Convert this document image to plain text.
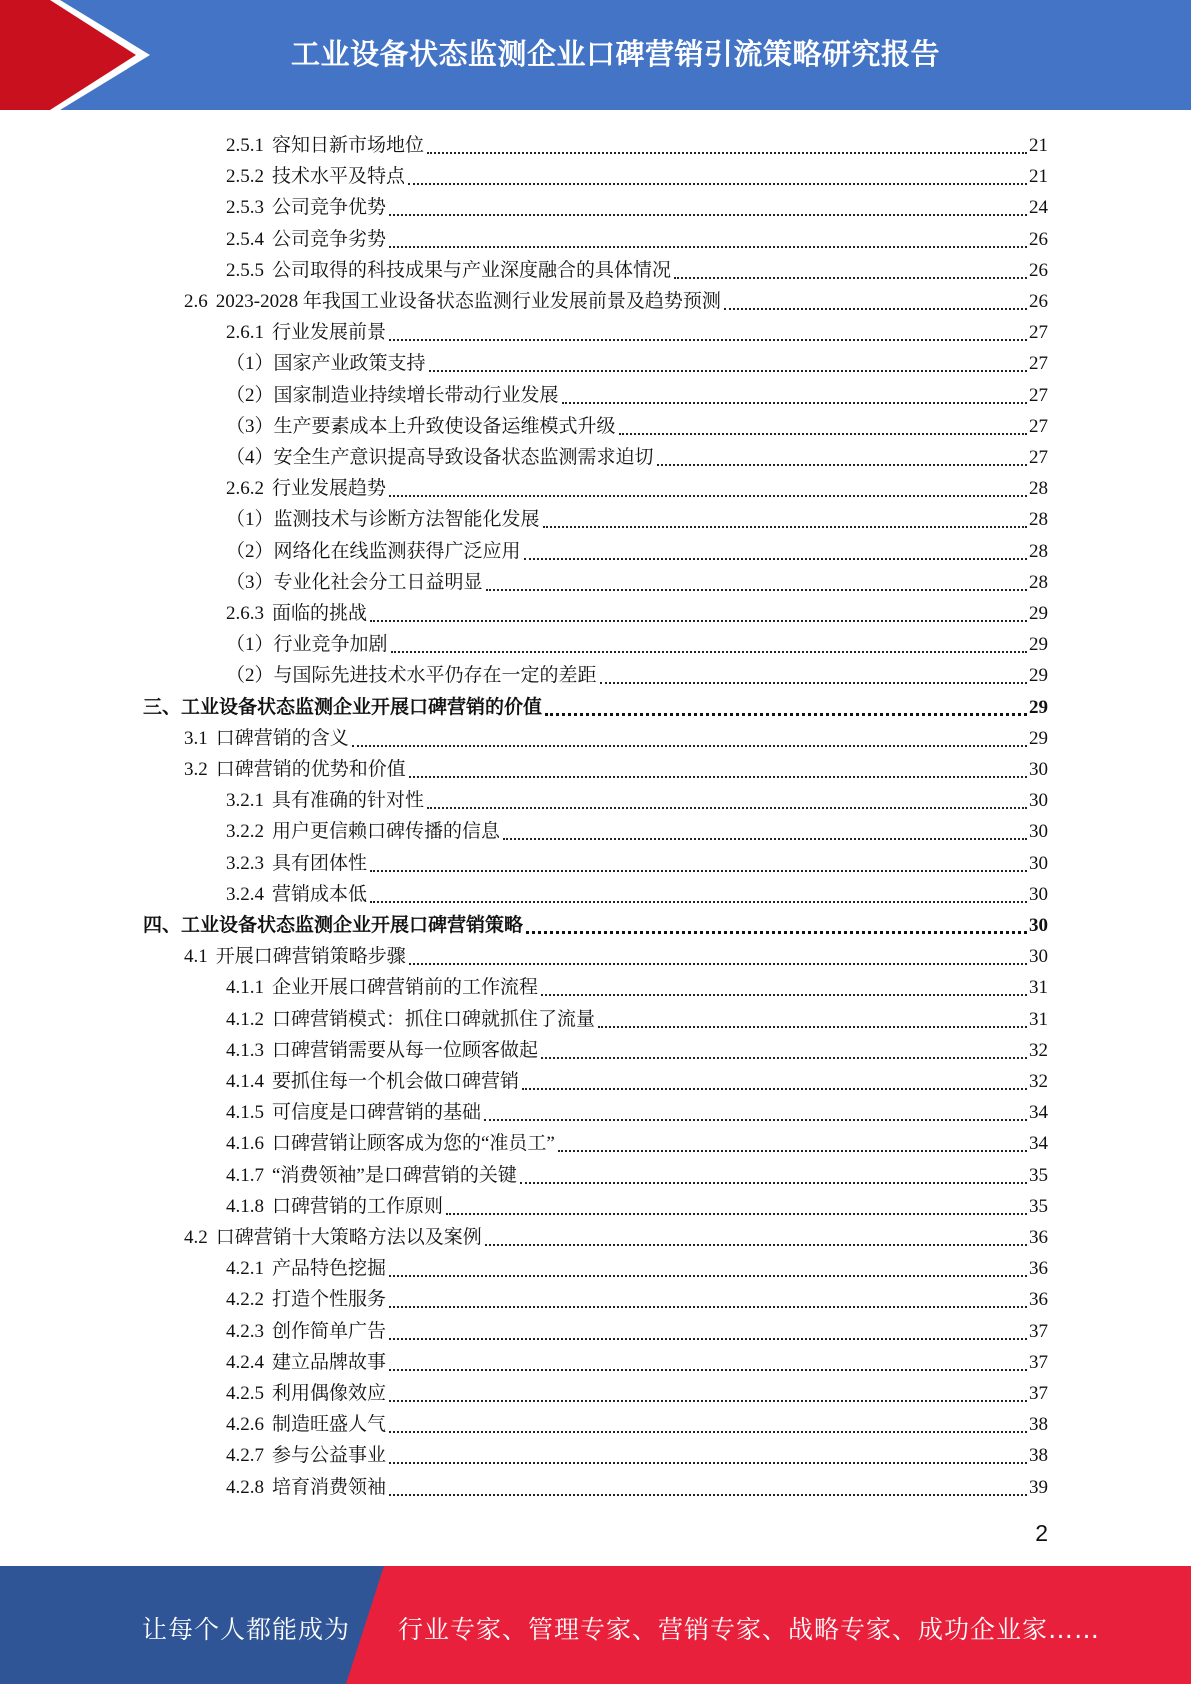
工业设备状态监测企业口碑营销引流策略研究报告
2.5.1 容知日新市场地位	21
2.5.2 技术水平及特点	21
2.5.3 公司竞争优势	24
2.5.4 公司竞争劣势	26
2.5.5 公司取得的科技成果与产业深度融合的具体情况	26
2.6 2023-2028 年我国工业设备状态监测行业发展前景及趋势预测	26
2.6.1 行业发展前景	27
（1） 国家产业政策支持	27
（2） 国家制造业持续增长带动行业发展	27
（3） 生产要素成本上升致使设备运维模式升级	27
（4） 安全生产意识提高导致设备状态监测需求迫切	27
2.6.2 行业发展趋势	28
（1） 监测技术与诊断方法智能化发展	28
（2） 网络化在线监测获得广泛应用	28
（3） 专业化社会分工日益明显	28
2.6.3 面临的挑战	29
（1） 行业竞争加剧	29
（2） 与国际先进技术水平仍存在一定的差距	29
三、 工业设备状态监测企业开展口碑营销的价值	29
3.1 口碑营销的含义	29
3.2 口碑营销的优势和价值	30
3.2.1 具有准确的针对性	30
3.2.2 用户更信赖口碑传播的信息	30
3.2.3 具有团体性	30
3.2.4 营销成本低	30
四、 工业设备状态监测企业开展口碑营销策略	30
4.1 开展口碑营销策略步骤	30
4.1.1 企业开展口碑营销前的工作流程	31
4.1.2 口碑营销模式：抓住口碑就抓住了流量	31
4.1.3 口碑营销需要从每一位顾客做起	32
4.1.4 要抓住每一个机会做口碑营销	32
4.1.5 可信度是口碑营销的基础	34
4.1.6 口碑营销让顾客成为您的“准员工”	34
4.1.7 “消费领袖”是口碑营销的关键	35
4.1.8 口碑营销的工作原则	35
4.2 口碑营销十大策略方法以及案例	36
4.2.1 产品特色挖掘	36
4.2.2 打造个性服务	36
4.2.3 创作简单广告	37
4.2.4 建立品牌故事	37
4.2.5 利用偶像效应	37
4.2.6 制造旺盛人气	38
4.2.7 参与公益事业	38
4.2.8 培育消费领袖	39
2
让每个人都能成为 行业专家、管理专家、营销专家、战略专家、成功企业家……
